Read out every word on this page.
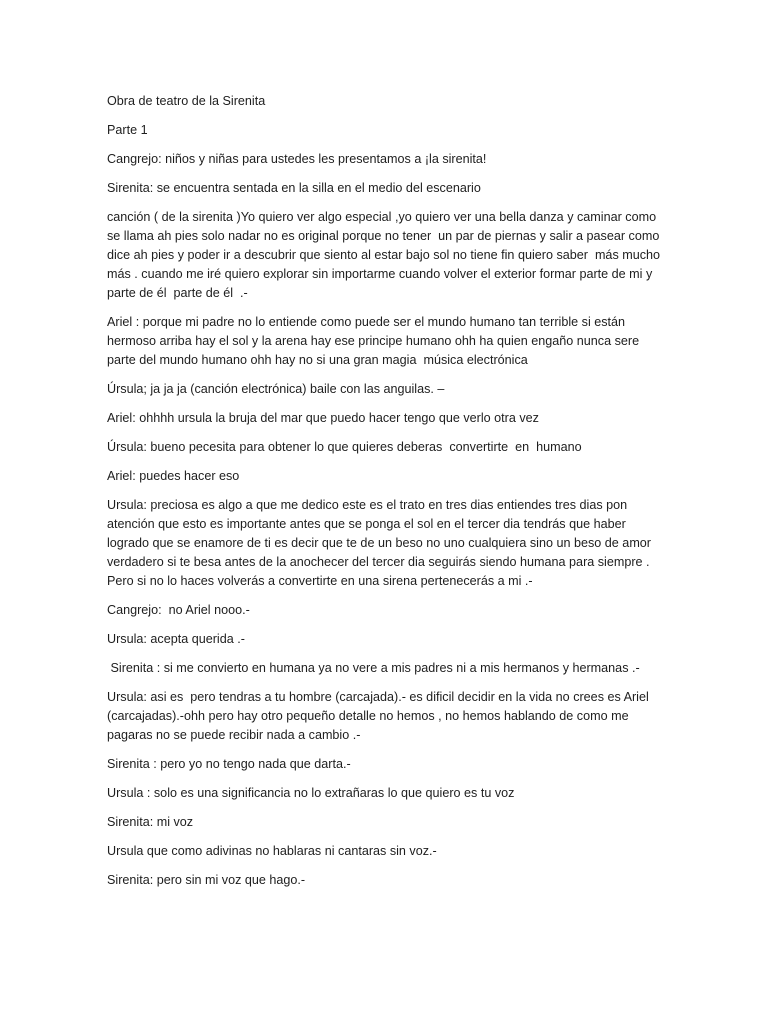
Obra de teatro de la Sirenita

Parte 1

Cangrejo: niños y niñas para ustedes les presentamos a ¡la sirenita!

Sirenita: se encuentra sentada en la silla en el medio del escenario

canción ( de la sirenita )Yo quiero ver algo especial ,yo quiero ver una bella danza y caminar como se llama ah pies solo nadar no es original porque no tener  un par de piernas y salir a pasear como dice ah pies y poder ir a descubrir que siento al estar bajo sol no tiene fin quiero saber  más mucho más . cuando me iré quiero explorar sin importarme cuando volver el exterior formar parte de mi y parte de él  parte de él  .-

Ariel : porque mi padre no lo entiende como puede ser el mundo humano tan terrible si están hermoso arriba hay el sol y la arena hay ese principe humano ohh ha quien engaño nunca sere parte del mundo humano ohh hay no si una gran magia  música electrónica

Úrsula; ja ja ja (canción electrónica) baile con las anguilas. –

Ariel: ohhhh ursula la bruja del mar que puedo hacer tengo que verlo otra vez

Úrsula: bueno pecesita para obtener lo que quieres deberas  convertirte  en  humano

Ariel: puedes hacer eso

Ursula: preciosa es algo a que me dedico este es el trato en tres dias entiendes tres dias pon atención que esto es importante antes que se ponga el sol en el tercer dia tendrás que haber logrado que se enamore de ti es decir que te de un beso no uno cualquiera sino un beso de amor verdadero si te besa antes de la anochecer del tercer dia seguirás siendo humana para siempre . Pero si no lo haces volverás a convertirte en una sirena pertenecerás a mi .-

Cangrejo:  no Ariel nooo.-

Ursula: acepta querida .-

Sirenita : si me convierto en humana ya no vere a mis padres ni a mis hermanos y hermanas .-

Ursula: asi es  pero tendras a tu hombre (carcajada).- es dificil decidir en la vida no crees es Ariel (carcajadas).-ohh pero hay otro pequeño detalle no hemos , no hemos hablando de como me pagaras no se puede recibir nada a cambio .-

Sirenita : pero yo no tengo nada que darta.-

Ursula : solo es una significancia no lo extrañaras lo que quiero es tu voz

Sirenita: mi voz

Ursula que como adivinas no hablaras ni cantaras sin voz.-

Sirenita: pero sin mi voz que hago.-
